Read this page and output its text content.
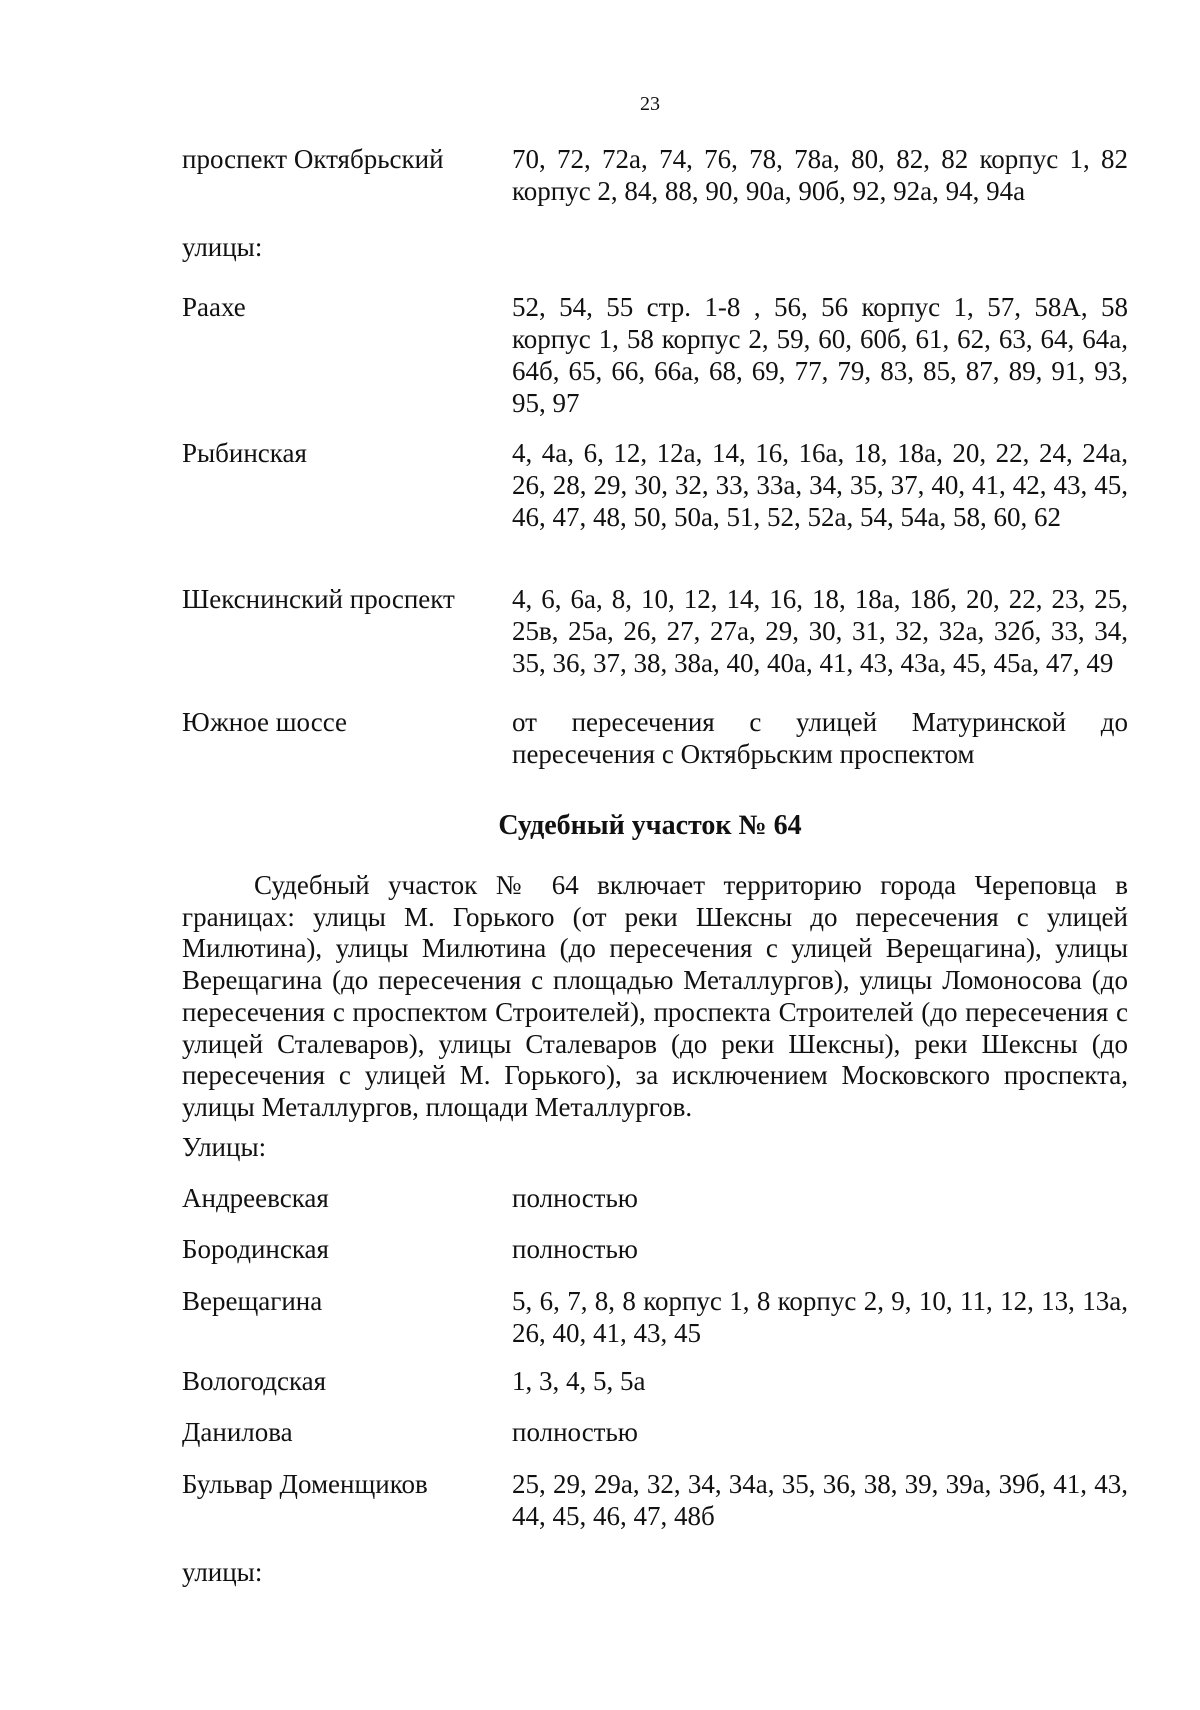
23
проспект Октябрьский	70, 72, 72а, 74, 76, 78, 78а, 80, 82, 82 корпус 1, 82 корпус 2, 84, 88, 90, 90а, 90б, 92, 92а, 94, 94а
улицы:
Раахе	52, 54, 55 стр. 1-8 , 56, 56 корпус 1, 57, 58А, 58 корпус 1, 58 корпус 2, 59, 60, 60б, 61, 62, 63, 64, 64а, 64б, 65, 66, 66а, 68, 69, 77, 79, 83, 85, 87, 89, 91, 93, 95, 97
Рыбинская	4, 4а, 6, 12, 12а, 14, 16, 16а, 18, 18а, 20, 22, 24, 24а, 26, 28, 29, 30, 32, 33, 33а, 34, 35, 37, 40, 41, 42, 43, 45, 46, 47, 48, 50, 50а, 51, 52, 52а, 54, 54а, 58, 60, 62
Шекснинский проспект 4, 6, 6а, 8, 10, 12, 14, 16, 18, 18а, 18б, 20, 22, 23, 25, 25в, 25а, 26, 27, 27а, 29, 30, 31, 32, 32а, 32б, 33, 34, 35, 36, 37, 38, 38а, 40, 40а, 41, 43, 43а, 45, 45а, 47, 49
Южное шоссе	от пересечения с улицей Матуринской до пересечения с Октябрьским проспектом
Судебный участок № 64
Судебный участок № 64 включает территорию города Череповца в границах: улицы М. Горького (от реки Шексны до пересечения с улицей Милютина), улицы Милютина (до пересечения с улицей Верещагина), улицы Верещагина (до пересечения с площадью Металлургов), улицы Ломоносова (до пересечения с проспектом Строителей), проспекта Строителей (до пересечения с улицей Сталеваров), улицы Сталеваров (до реки Шексны), реки Шексны (до пересечения с улицей М. Горького), за исключением Московского проспекта, улицы Металлургов, площади Металлургов.
Улицы:
Андреевская	полностью
Бородинская	полностью
Верещагина	5, 6, 7, 8, 8 корпус 1, 8 корпус 2, 9, 10, 11, 12, 13, 13а, 26, 40, 41, 43, 45
Вологодская	1, 3, 4, 5, 5а
Данилова	полностью
Бульвар Доменщиков	25, 29, 29а, 32, 34, 34а, 35, 36, 38, 39, 39а, 39б, 41, 43, 44, 45, 46, 47, 48б
улицы:
